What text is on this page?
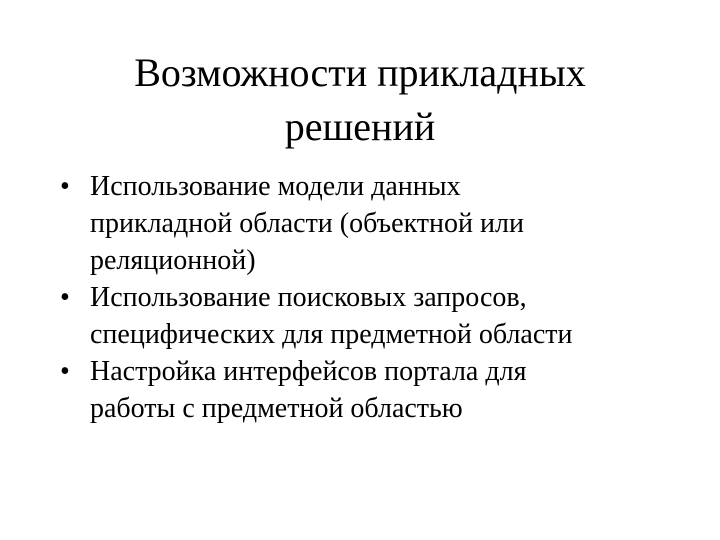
Возможности прикладных
решений
• Использование модели данных
прикладной области (объектной или
реляционной)
• Использование поисковых запросов,
специфических для предметной области
• Настройка интерфейсов портала для
работы с предметной областью
